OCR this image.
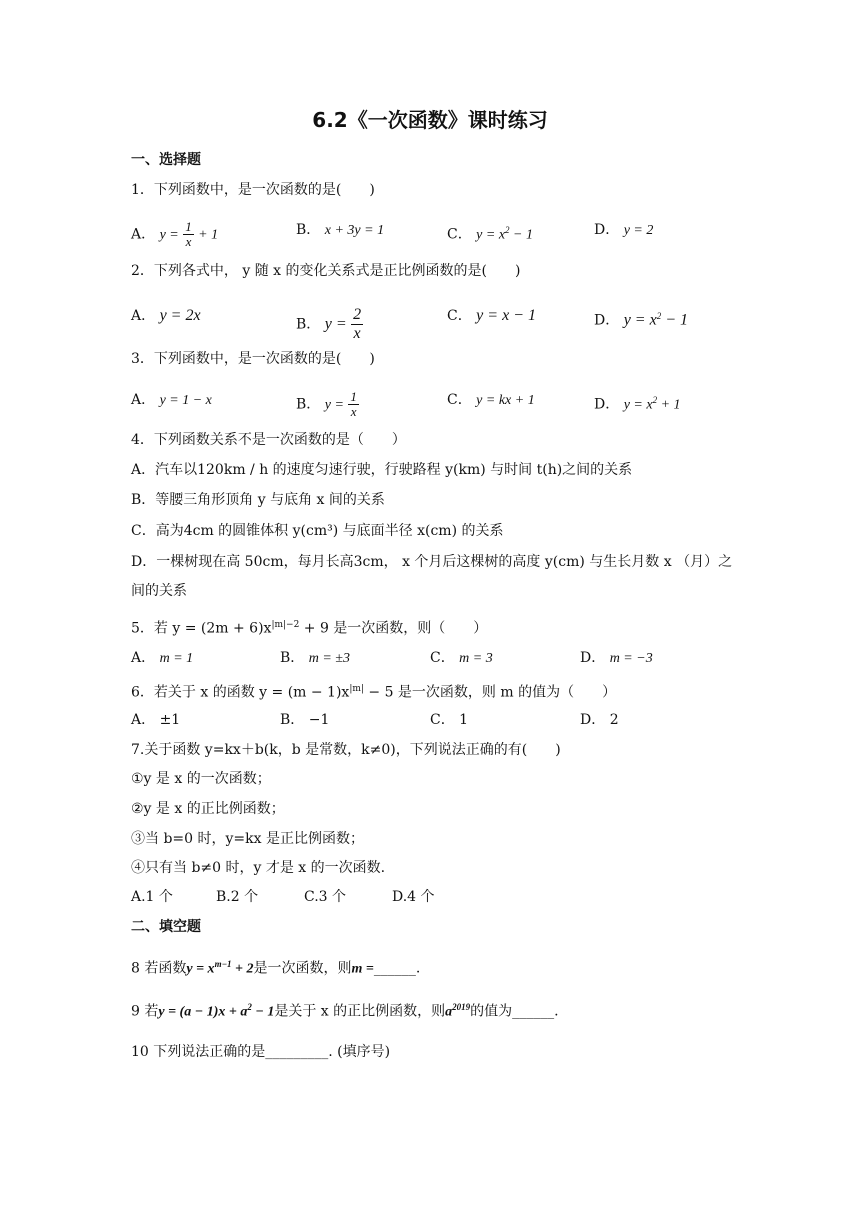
6.2《一次函数》课时练习
一、选择题
1．下列函数中，是一次函数的是(　　)
A． $y = \frac{1}{x} + 1$	B． x + 3y = 1	C． $y = x^2 - 1$	D． y = 2
2．下列各式中， y 随 x 的变化关系式是正比例函数的是(　　)
A． y = 2x
B． $y = \frac{2}{x}$	C． y = x − 1	D． $y = x^2 - 1$
3．下列函数中，是一次函数的是(　　)
A． y = 1 − x	B． $y = \frac{1}{x}$	C． y = kx + 1	D． $y = x^2 + 1$
4．下列函数关系不是一次函数的是（　　）
A．汽车以120km / h 的速度匀速行驶，行驶路程 y(km) 与时间 t(h)之间的关系
B．等腰三角形顶角 y 与底角 x 间的关系
C．高为4cm 的圆锥体积 y(cm³) 与底面半径 x(cm) 的关系
D．一棵树现在高 50cm，每月长高3cm， x 个月后这棵树的高度 y(cm) 与生长月数 x （月）之
间的关系
5．若 $y = (2m + 6)x^{|m|-2} + 9$ 是一次函数，则（　　）
A． m = 1	B． m = ±3	C． m = 3	D． m = −3
6．若关于 x 的函数 $y = (m - 1)x^{|m|} - 5$ 是一次函数，则 m 的值为（　　）
A． ±1	B． −1	C． 1	D． 2
7.关于函数 y=kx＋b(k，b 是常数，k≠0)，下列说法正确的有(　　)
①y 是 x 的一次函数；
②y 是 x 的正比例函数；
③当 b=0 时，y=kx 是正比例函数；
④只有当 b≠0 时，y 才是 x 的一次函数.
A.1 个	B.2 个	C.3 个	D.4 个
二、填空题
8 若函数$y = x^{m-1} + 2$是一次函数，则m =______.
9 若$y = (a - 1)x + a^2 - 1$是关于 x 的正比例函数，则$a^{2019}$的值为______.
10 下列说法正确的是_________. (填序号)
